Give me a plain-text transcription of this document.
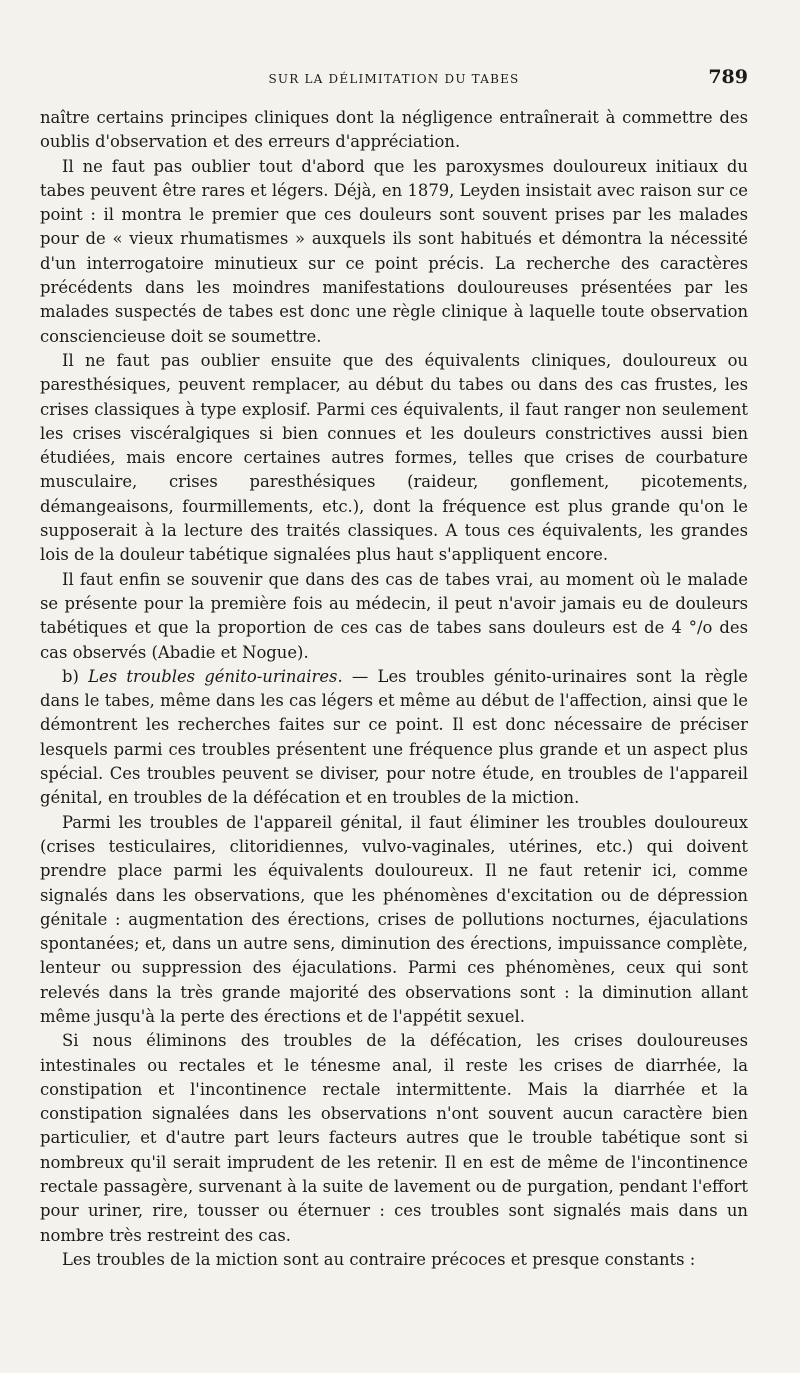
SUR LA DÉLIMITATION DU TABES	789

naître certains principes cliniques dont la négligence entraînerait à commettre des oublis d'observation et des erreurs d'appréciation.

Il ne faut pas oublier tout d'abord que les paroxysmes douloureux initiaux du tabes peuvent être rares et légers. Déjà, en 1879, Leyden insistait avec raison sur ce point : il montra le premier que ces douleurs sont souvent prises par les malades pour de « vieux rhumatismes » auxquels ils sont habitués et démontra la nécessité d'un interrogatoire minutieux sur ce point précis. La recherche des caractères précédents dans les moindres manifestations douloureuses présentées par les malades suspectés de tabes est donc une règle clinique à laquelle toute observation consciencieuse doit se soumettre.

Il ne faut pas oublier ensuite que des équivalents cliniques, douloureux ou paresthésiques, peuvent remplacer, au début du tabes ou dans des cas frustes, les crises classiques à type explosif. Parmi ces équivalents, il faut ranger non seulement les crises viscéralgiques si bien connues et les douleurs constrictives aussi bien étudiées, mais encore certaines autres formes, telles que crises de courbature musculaire, crises paresthésiques (raideur, gonflement, picotements, démangeaisons, fourmillements, etc.), dont la fréquence est plus grande qu'on le supposerait à la lecture des traités classiques. A tous ces équivalents, les grandes lois de la douleur tabétique signalées plus haut s'appliquent encore.

Il faut enfin se souvenir que dans des cas de tabes vrai, au moment où le malade se présente pour la première fois au médecin, il peut n'avoir jamais eu de douleurs tabétiques et que la proportion de ces cas de tabes sans douleurs est de 4 °/o des cas observés (Abadie et Nogue).

b) Les troubles génito-urinaires. — Les troubles génito-urinaires sont la règle dans le tabes, même dans les cas légers et même au début de l'affection, ainsi que le démontrent les recherches faites sur ce point. Il est donc nécessaire de préciser lesquels parmi ces troubles présentent une fréquence plus grande et un aspect plus spécial. Ces troubles peuvent se diviser, pour notre étude, en troubles de l'appareil génital, en troubles de la défécation et en troubles de la miction.

Parmi les troubles de l'appareil génital, il faut éliminer les troubles douloureux (crises testiculaires, clitoridiennes, vulvo-vaginales, utérines, etc.) qui doivent prendre place parmi les équivalents douloureux. Il ne faut retenir ici, comme signalés dans les observations, que les phénomènes d'excitation ou de dépression génitale : augmentation des érections, crises de pollutions nocturnes, éjaculations spontanées; et, dans un autre sens, diminution des érections, impuissance complète, lenteur ou suppression des éjaculations. Parmi ces phénomènes, ceux qui sont relevés dans la très grande majorité des observations sont : la diminution allant même jusqu'à la perte des érections et de l'appétit sexuel.

Si nous éliminons des troubles de la défécation, les crises douloureuses intestinales ou rectales et le ténesme anal, il reste les crises de diarrhée, la constipation et l'incontinence rectale intermittente. Mais la diarrhée et la constipation signalées dans les observations n'ont souvent aucun caractère bien particulier, et d'autre part leurs facteurs autres que le trouble tabétique sont si nombreux qu'il serait imprudent de les retenir. Il en est de même de l'incontinence rectale passagère, survenant à la suite de lavement ou de purgation, pendant l'effort pour uriner, rire, tousser ou éternuer : ces troubles sont signalés mais dans un nombre très restreint des cas.

Les troubles de la miction sont au contraire précoces et presque constants :
